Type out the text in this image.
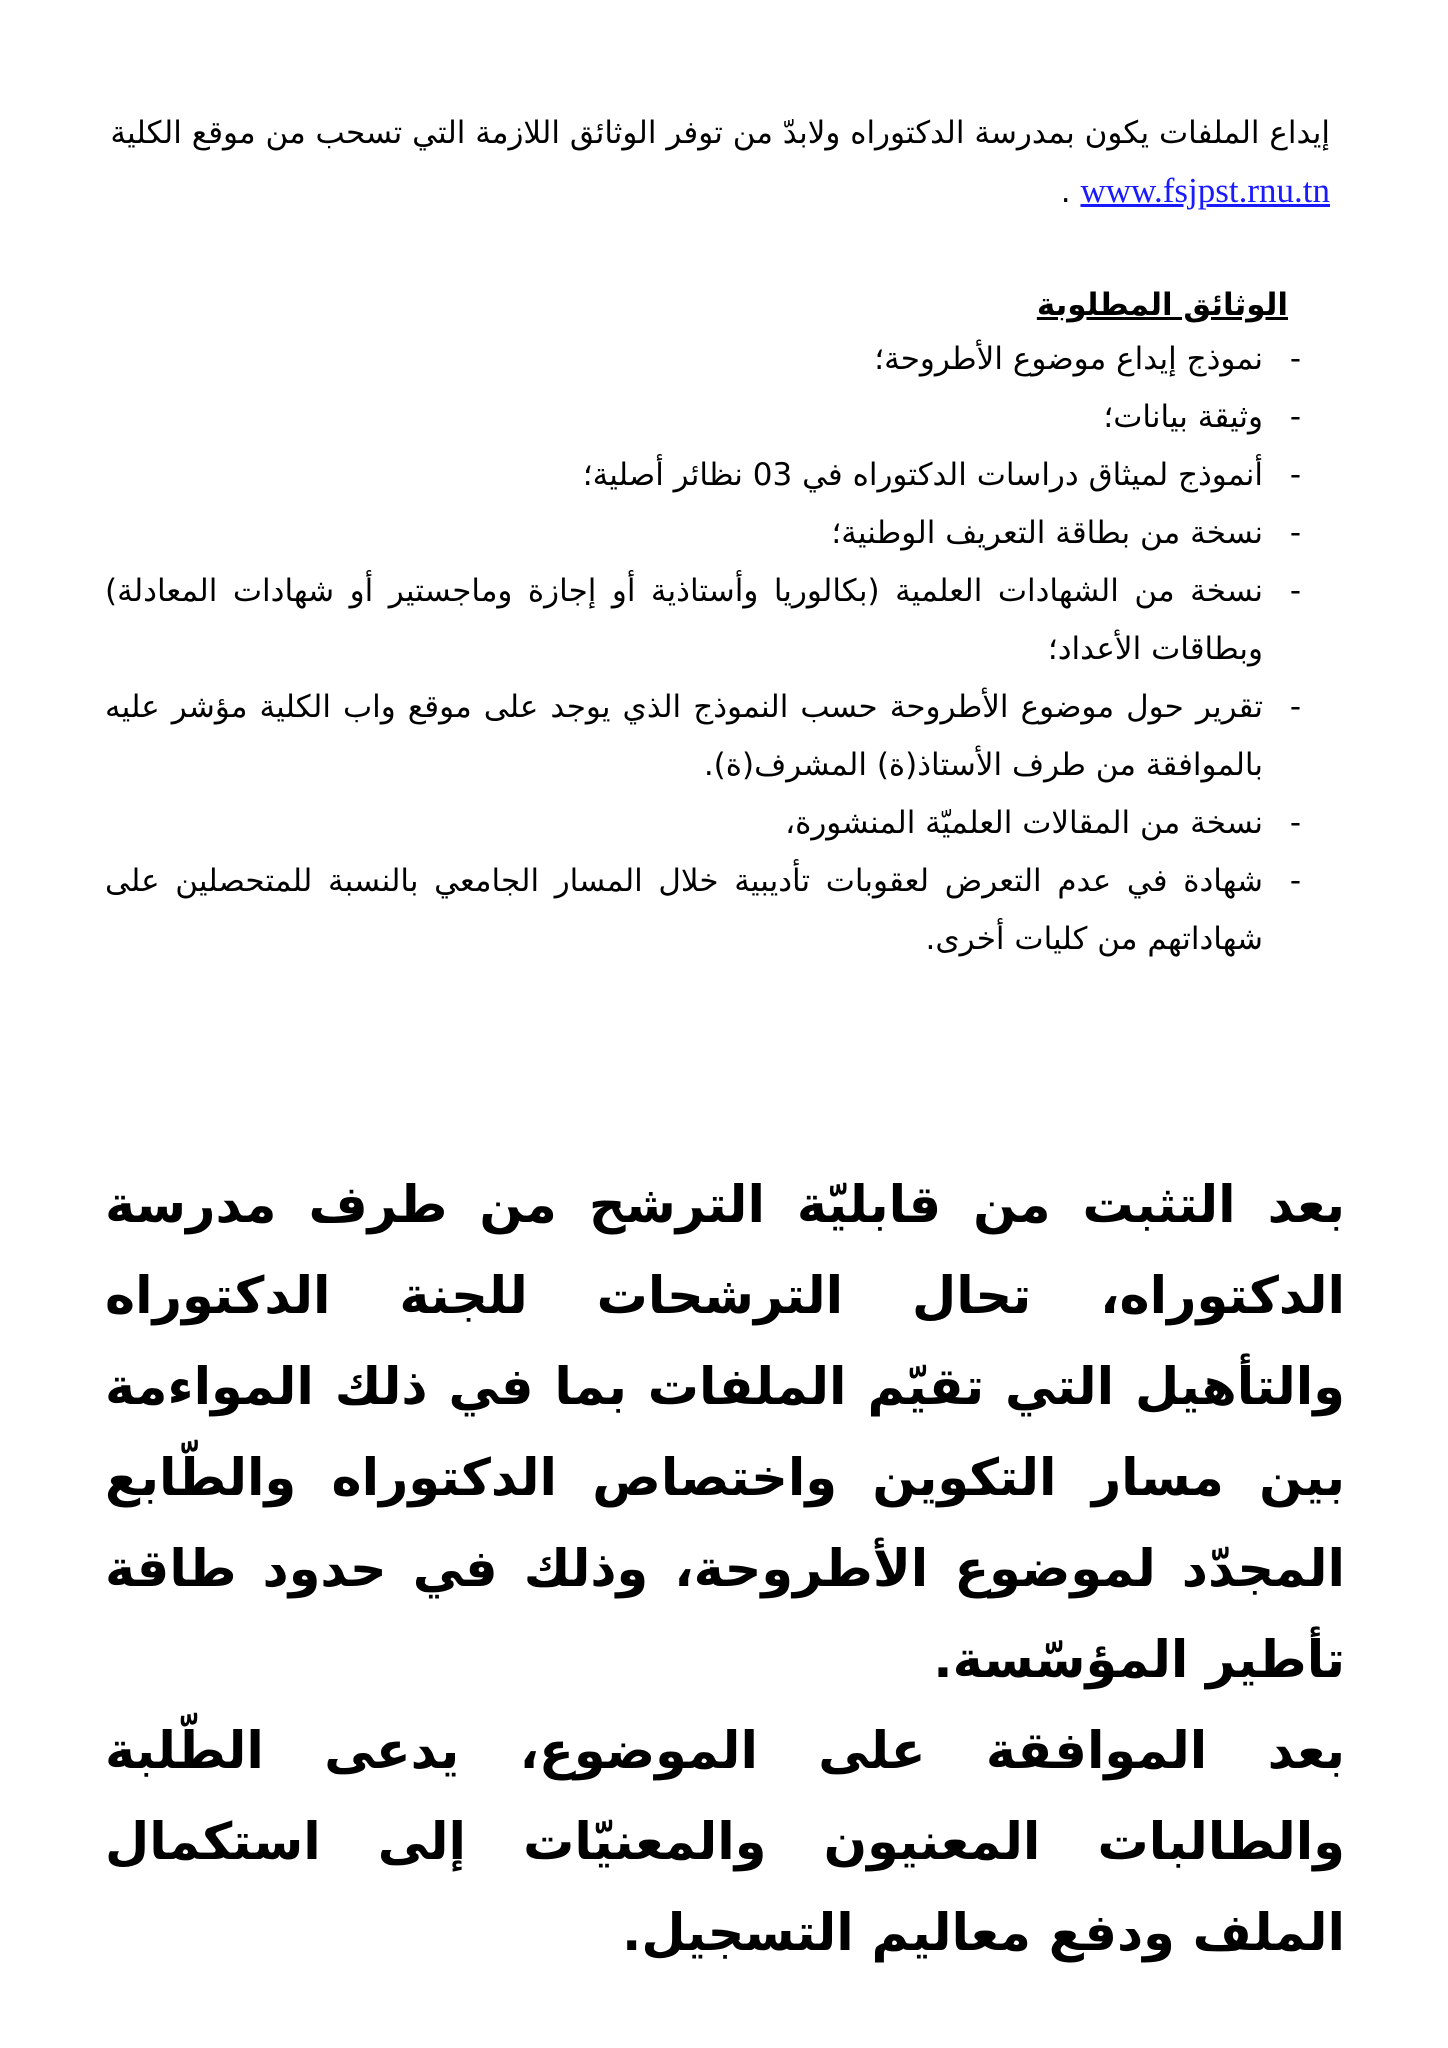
إيداع الملفات يكون بمدرسة الدكتوراه ولابدّ من توفر الوثائق اللازمة التي تسحب من موقع الكلية www.fsjpst.rnu.tn .
الوثائق المطلوبة
-
نموذج إيداع موضوع الأطروحة؛
-
وثيقة بيانات؛
-
أنموذج لميثاق دراسات الدكتوراه في 03 نظائر أصلية؛
-
نسخة من بطاقة التعريف الوطنية؛
-
نسخة من الشهادات العلمية (بكالوريا وأستاذية أو إجازة وماجستير أو شهادات المعادلة) وبطاقات الأعداد؛
-
تقرير حول موضوع الأطروحة حسب النموذج الذي يوجد على موقع واب الكلية مؤشر عليه بالموافقة من طرف الأستاذ(ة) المشرف(ة).
-
نسخة من المقالات العلميّة المنشورة،
-
شهادة في عدم التعرض لعقوبات تأديبية خلال المسار الجامعي بالنسبة للمتحصلين على شهاداتهم من كليات أخرى.

بعد التثبت من قابليّة الترشح من طرف مدرسة الدكتوراه، تحال الترشحات للجنة الدكتوراه والتأهيل التي تقيّم الملفات بما في ذلك المواءمة بين مسار التكوين واختصاص الدكتوراه والطّابع المجدّد لموضوع الأطروحة، وذلك في حدود طاقة تأطير المؤسّسة.

بعد الموافقة على الموضوع، يدعى الطّلبة والطالبات المعنيون والمعنيّات إلى استكمال الملف ودفع معاليم التسجيل.
